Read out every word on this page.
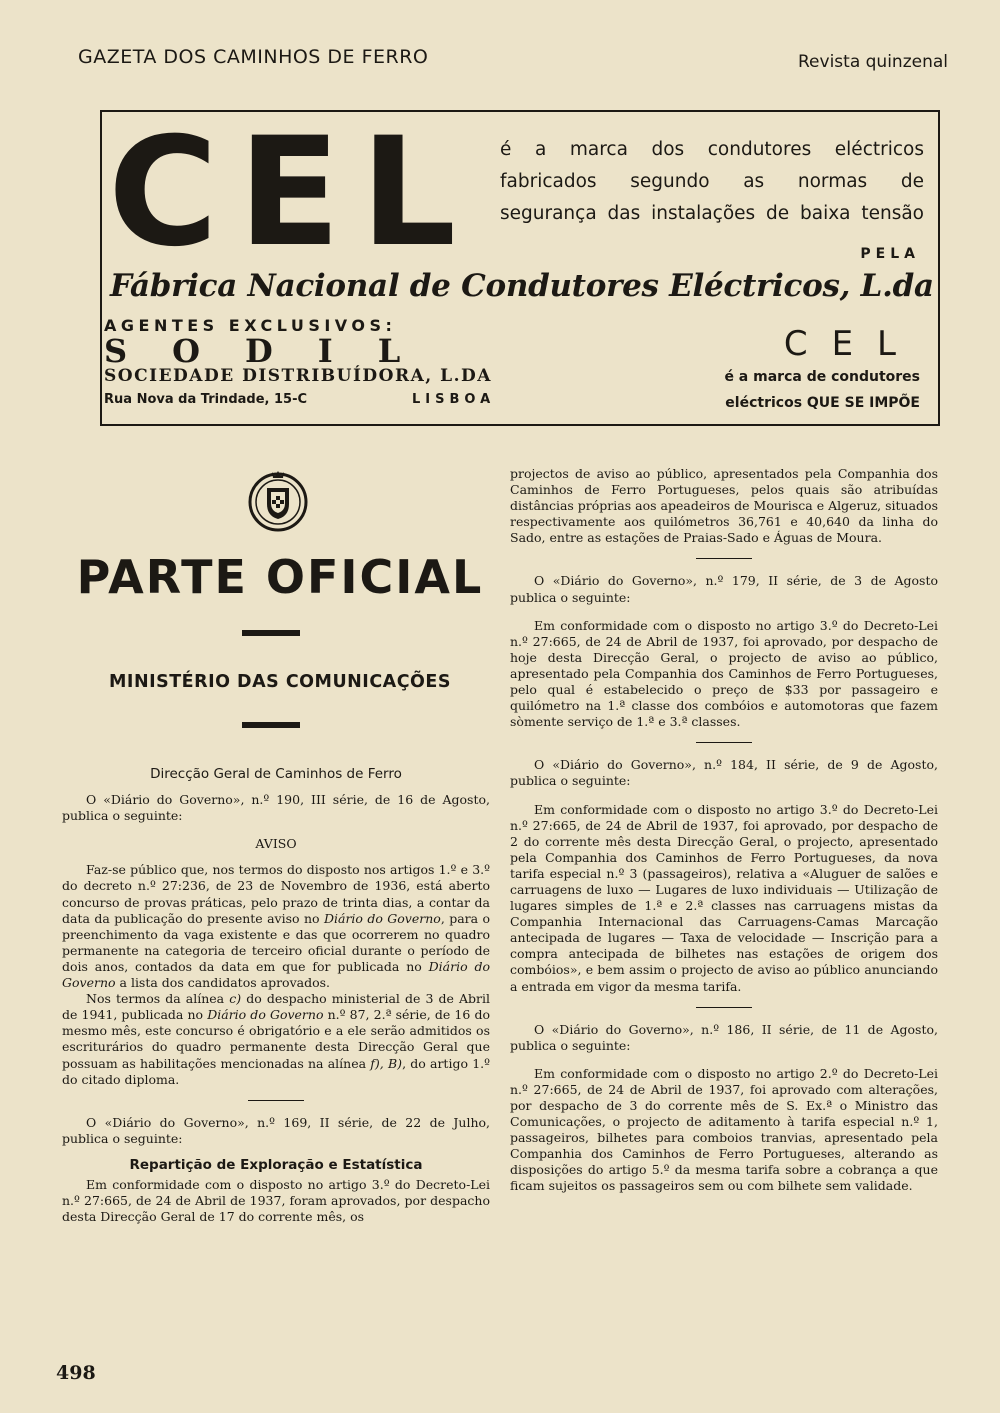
GAZETA DOS CAMINHOS DE FERRO	Revista quinzenal
CEL é a marca dos condutores eléctricos fabricados segundo as normas de segurança das instalações de baixa tensão
PELA
Fábrica Nacional de Condutores Eléctricos, L.da
AGENTES EXCLUSIVOS:
SODIL
SOCIEDADE DISTRIBUÍDORA, L.DA
Rua Nova da Trindade, 15-C	LISBOA
CEL
é a marca de condutores
eléctricos QUE SE IMPÕE
PARTE OFICIAL
MINISTÉRIO DAS COMUNICAÇÕES

Direcção Geral de Caminhos de Ferro

O «Diário do Governo», n.º 190, III série, de 16 de Agosto, publica o seguinte:

AVISO

Faz-se público que, nos termos do disposto nos artigos 1.º e 3.º do decreto n.º 27:236, de 23 de Novembro de 1936, está aberto concurso de provas práticas, pelo prazo de trinta dias, a contar da data da publicação do presente aviso no Diário do Governo, para o preenchimento da vaga existente e das que ocorrerem no quadro permanente na categoria de terceiro oficial durante o período de dois anos, contados da data em que for publicada no Diário do Governo a lista dos candidatos aprovados.

Nos termos da alínea c) do despacho ministerial de 3 de Abril de 1941, publicada no Diário do Governo n.º 87, 2.ª série, de 16 do mesmo mês, este concurso é obrigatório e a ele serão admitidos os escriturários do quadro permanente desta Direcção Geral que possuam as habilitações mencionadas na alínea f), B), do artigo 1.º do citado diploma.

O «Diário do Governo», n.º 169, II série, de 22 de Julho, publica o seguinte:

Repartição de Exploração e Estatística

Em conformidade com o disposto no artigo 3.º do Decreto-Lei n.º 27:665, de 24 de Abril de 1937, foram aprovados, por despacho desta Direcção Geral de 17 do corrente mês, os

projectos de aviso ao público, apresentados pela Companhia dos Caminhos de Ferro Portugueses, pelos quais são atribuídas distâncias próprias aos apeadeiros de Mourisca e Algeruz, situados respectivamente aos quilómetros 36,761 e 40,640 da linha do Sado, entre as estações de Praias-Sado e Águas de Moura.

O «Diário do Governo», n.º 179, II série, de 3 de Agosto publica o seguinte:

Em conformidade com o disposto no artigo 3.º do Decreto-Lei n.º 27:665, de 24 de Abril de 1937, foi aprovado, por despacho de hoje desta Direcção Geral, o projecto de aviso ao público, apresentado pela Companhia dos Caminhos de Ferro Portugueses, pelo qual é estabelecido o preço de $33 por passageiro e quilómetro na 1.ª classe dos combóios e automotoras que fazem sòmente serviço de 1.ª e 3.ª classes.

O «Diário do Governo», n.º 184, II série, de 9 de Agosto, publica o seguinte:

Em conformidade com o disposto no artigo 3.º do Decreto-Lei n.º 27:665, de 24 de Abril de 1937, foi aprovado, por despacho de 2 do corrente mês desta Direcção Geral, o projecto, apresentado pela Companhia dos Caminhos de Ferro Portugueses, da nova tarifa especial n.º 3 (passageiros), relativa a «Aluguer de salões e carruagens de luxo — Lugares de luxo individuais — Utilização de lugares simples de 1.ª e 2.ª classes nas carruagens mistas da Companhia Internacional das Carruagens-Camas Marcação antecipada de lugares — Taxa de velocidade — Inscrição para a compra antecipada de bilhetes nas estações de origem dos combóios», e bem assim o projecto de aviso ao público anunciando a entrada em vigor da mesma tarifa.

O «Diário do Governo», n.º 186, II série, de 11 de Agosto, publica o seguinte:

Em conformidade com o disposto no artigo 2.º do Decreto-Lei n.º 27:665, de 24 de Abril de 1937, foi aprovado com alterações, por despacho de 3 do corrente mês de S. Ex.ª o Ministro das Comunicações, o projecto de aditamento à tarifa especial n.º 1, passageiros, bilhetes para comboios tranvias, apresentado pela Companhia dos Caminhos de Ferro Portugueses, alterando as disposições do artigo 5.º da mesma tarifa sobre a cobrança a que ficam sujeitos os passageiros sem ou com bilhete sem validade.

498
